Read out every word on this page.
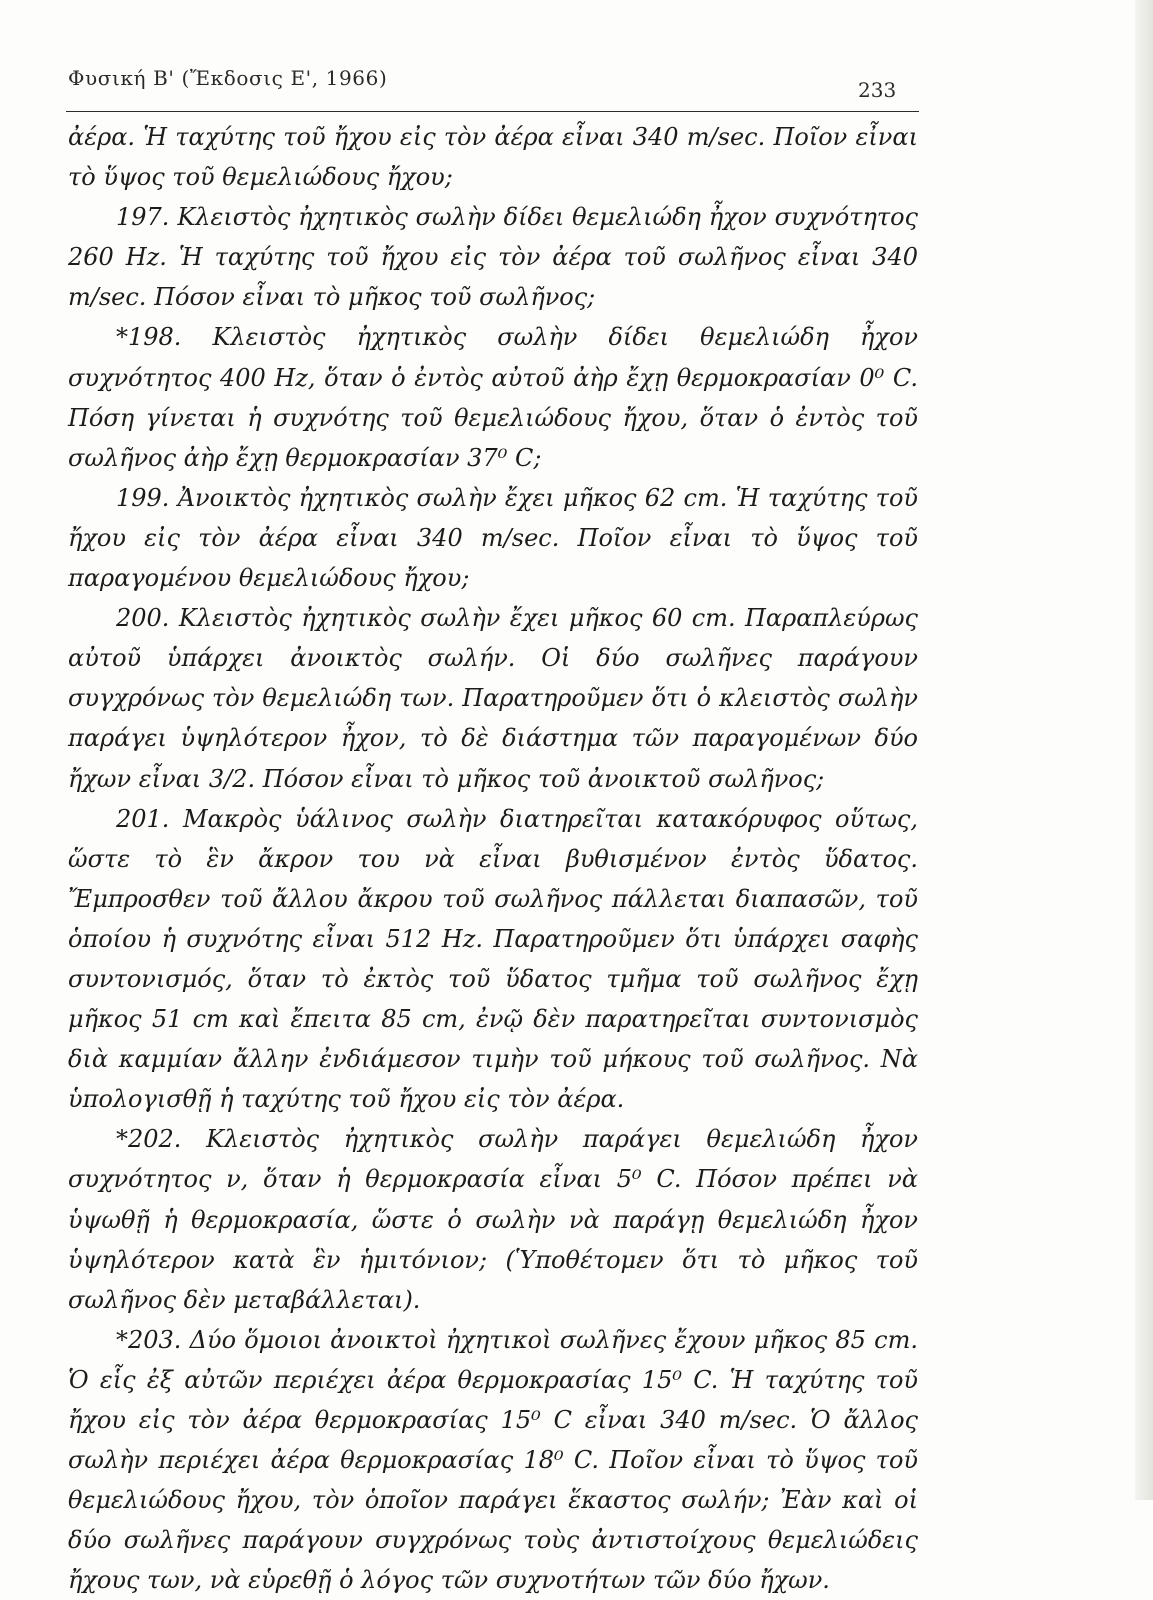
Φυσική Β' (Ἔκδοσις Ε', 1966)	233

ἀέρα. Ἡ ταχύτης τοῦ ἤχου εἰς τὸν ἀέρα εἶναι 340 m/sec. Ποῖον εἶναι τὸ ὕψος τοῦ θεμελιώδους ἤχου;

197. Κλειστὸς ἠχητικὸς σωλὴν δίδει θεμελιώδη ἦχον συχνότητος 260 Hz. Ἡ ταχύτης τοῦ ἤχου εἰς τὸν ἀέρα τοῦ σωλῆνος εἶναι 340 m/sec. Πόσον εἶναι τὸ μῆκος τοῦ σωλῆνος;

*198. Κλειστὸς ἠχητικὸς σωλὴν δίδει θεμελιώδη ἦχον συχνότητος 400 Hz, ὅταν ὁ ἐντὸς αὐτοῦ ἀὴρ ἔχῃ θερμοκρασίαν 0⁰ C. Πόση γίνεται ἡ συχνότης τοῦ θεμελιώδους ἤχου, ὅταν ὁ ἐντὸς τοῦ σωλῆνος ἀὴρ ἔχῃ θερμοκρασίαν 37⁰ C;

199. Ἀνοικτὸς ἠχητικὸς σωλὴν ἔχει μῆκος 62 cm. Ἡ ταχύτης τοῦ ἤχου εἰς τὸν ἀέρα εἶναι 340 m/sec. Ποῖον εἶναι τὸ ὕψος τοῦ παραγομένου θεμελιώδους ἤχου;

200. Κλειστὸς ἠχητικὸς σωλὴν ἔχει μῆκος 60 cm. Παραπλεύρως αὐτοῦ ὑπάρχει ἀνοικτὸς σωλήν. Οἱ δύο σωλῆνες παράγουν συγχρόνως τὸν θεμελιώδη των. Παρατηροῦμεν ὅτι ὁ κλειστὸς σωλὴν παράγει ὑψηλότερον ἦχον, τὸ δὲ διάστημα τῶν παραγομένων δύο ἤχων εἶναι 3/2. Πόσον εἶναι τὸ μῆκος τοῦ ἀνοικτοῦ σωλῆνος;

201. Μακρὸς ὑάλινος σωλὴν διατηρεῖται κατακόρυφος οὕτως, ὥστε τὸ ἓν ἄκρον του νὰ εἶναι βυθισμένον ἐντὸς ὕδατος. Ἔμπροσθεν τοῦ ἄλλου ἄκρου τοῦ σωλῆνος πάλλεται διαπασῶν, τοῦ ὁποίου ἡ συχνότης εἶναι 512 Hz. Παρατηροῦμεν ὅτι ὑπάρχει σαφὴς συντονισμός, ὅταν τὸ ἐκτὸς τοῦ ὕδατος τμῆμα τοῦ σωλῆνος ἔχῃ μῆκος 51 cm καὶ ἔπειτα 85 cm, ἐνῷ δὲν παρατηρεῖται συντονισμὸς διὰ καμμίαν ἄλλην ἐνδιάμεσον τιμὴν τοῦ μήκους τοῦ σωλῆνος. Νὰ ὑπολογισθῇ ἡ ταχύτης τοῦ ἤχου εἰς τὸν ἀέρα.

*202. Κλειστὸς ἠχητικὸς σωλὴν παράγει θεμελιώδη ἦχον συχνότητος ν, ὅταν ἡ θερμοκρασία εἶναι 5⁰ C. Πόσον πρέπει νὰ ὑψωθῇ ἡ θερμοκρασία, ὥστε ὁ σωλὴν νὰ παράγῃ θεμελιώδη ἦχον ὑψηλότερον κατὰ ἓν ἡμιτόνιον; (Ὑποθέτομεν ὅτι τὸ μῆκος τοῦ σωλῆνος δὲν μεταβάλλεται).

*203. Δύο ὅμοιοι ἀνοικτοὶ ἠχητικοὶ σωλῆνες ἔχουν μῆκος 85 cm. Ὁ εἷς ἐξ αὐτῶν περιέχει ἀέρα θερμοκρασίας 15⁰ C. Ἡ ταχύτης τοῦ ἤχου εἰς τὸν ἀέρα θερμοκρασίας 15⁰ C εἶναι 340 m/sec. Ὁ ἄλλος σωλὴν περιέχει ἀέρα θερμοκρασίας 18⁰ C. Ποῖον εἶναι τὸ ὕψος τοῦ θεμελιώδους ἤχου, τὸν ὁποῖον παράγει ἕκαστος σωλήν; Ἐὰν καὶ οἱ δύο σωλῆνες παράγουν συγχρόνως τοὺς ἀντιστοίχους θεμελιώδεις ἤχους των, νὰ εὑρεθῇ ὁ λόγος τῶν συχνοτήτων τῶν δύο ἤχων.
